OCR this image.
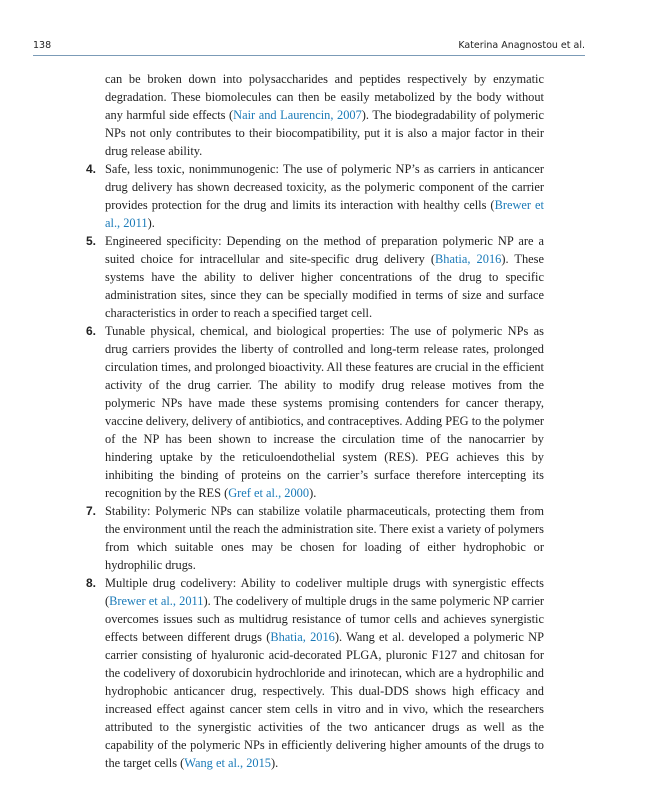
138	Katerina Anagnostou et al.

can be broken down into polysaccharides and peptides respectively by enzymatic degradation. These biomolecules can then be easily metabolized by the body without any harmful side effects (Nair and Laurencin, 2007). The biodegradability of polymeric NPs not only contributes to their biocompatibility, put it is also a major factor in their drug release ability.

4. Safe, less toxic, nonimmunogenic: The use of polymeric NP’s as carriers in anticancer drug delivery has shown decreased toxicity, as the polymeric component of the carrier provides protection for the drug and limits its interaction with healthy cells (Brewer et al., 2011).

5. Engineered specificity: Depending on the method of preparation polymeric NP are a suited choice for intracellular and site-specific drug delivery (Bhatia, 2016). These systems have the ability to deliver higher concentrations of the drug to specific administration sites, since they can be specially modified in terms of size and surface characteristics in order to reach a specified target cell.

6. Tunable physical, chemical, and biological properties: The use of polymeric NPs as drug carriers provides the liberty of controlled and long-term release rates, prolonged circulation times, and prolonged bioactivity. All these features are crucial in the efficient activity of the drug carrier. The ability to modify drug release motives from the polymeric NPs have made these systems promising contenders for cancer therapy, vaccine delivery, delivery of antibiotics, and contraceptives. Adding PEG to the polymer of the NP has been shown to increase the circulation time of the nanocarrier by hindering uptake by the reticuloendothelial system (RES). PEG achieves this by inhibiting the binding of proteins on the carrier’s surface therefore intercepting its recognition by the RES (Gref et al., 2000).

7. Stability: Polymeric NPs can stabilize volatile pharmaceuticals, protecting them from the environment until the reach the administration site. There exist a variety of polymers from which suitable ones may be chosen for loading of either hydrophobic or hydrophilic drugs.

8. Multiple drug codelivery: Ability to codeliver multiple drugs with synergistic effects (Brewer et al., 2011). The codelivery of multiple drugs in the same polymeric NP carrier overcomes issues such as multidrug resistance of tumor cells and achieves synergistic effects between different drugs (Bhatia, 2016). Wang et al. developed a polymeric NP carrier consisting of hyaluronic acid-decorated PLGA, pluronic F127 and chitosan for the codelivery of doxorubicin hydrochloride and irinotecan, which are a hydrophilic and hydrophobic anticancer drug, respectively. This dual-DDS shows high efficacy and increased effect against cancer stem cells in vitro and in vivo, which the researchers attributed to the synergistic activities of the two anticancer drugs as well as the capability of the polymeric NPs in efficiently delivering higher amounts of the drugs to the target cells (Wang et al., 2015).
